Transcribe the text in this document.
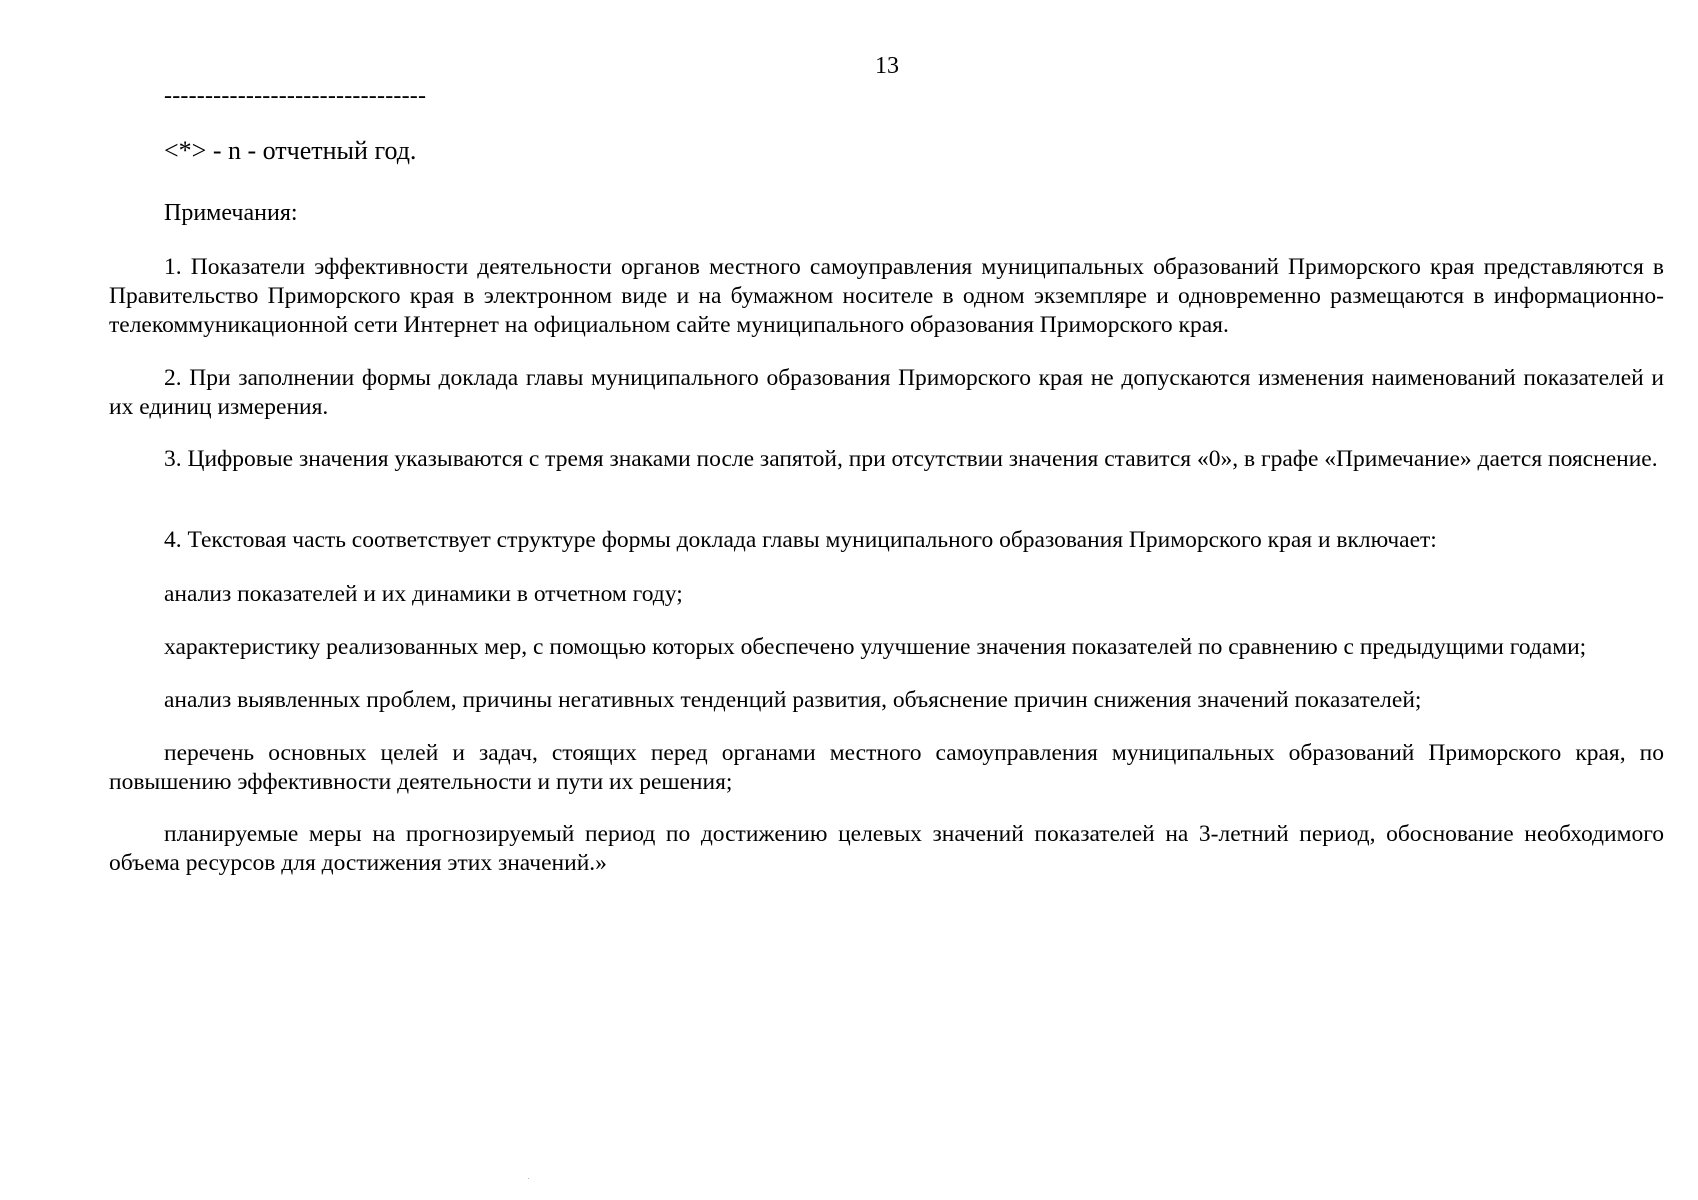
13
--------------------------------
<*> - n - отчетный год.
Примечания:

1. Показатели эффективности деятельности органов местного самоуправления муниципальных образований Приморского края представляются в Правительство Приморского края в электронном виде и на бумажном носителе в одном экземпляре и одновременно размещаются в информационно-телекоммуникационной сети Интернет на официальном сайте муниципального образования Приморского края.

2. При заполнении формы доклада главы муниципального образования Приморского края не допускаются изменения наименований показателей и их единиц измерения.

3. Цифровые значения указываются с тремя знаками после запятой, при отсутствии значения ставится «0», в графе «Примечание» дается пояснение.

4. Текстовая часть соответствует структуре формы доклада главы муниципального образования Приморского края и включает:

анализ показателей и их динамики в отчетном году;

характеристику реализованных мер, с помощью которых обеспечено улучшение значения показателей по сравнению с предыдущими годами;

анализ выявленных проблем, причины негативных тенденций развития, объяснение причин снижения значений показателей;

перечень основных целей и задач, стоящих перед органами местного самоуправления муниципальных образований Приморского края, по повышению эффективности деятельности и пути их решения;

планируемые меры на прогнозируемый период по достижению целевых значений показателей на 3-летний период, обоснование необходимого объема ресурсов для достижения этих значений.»
